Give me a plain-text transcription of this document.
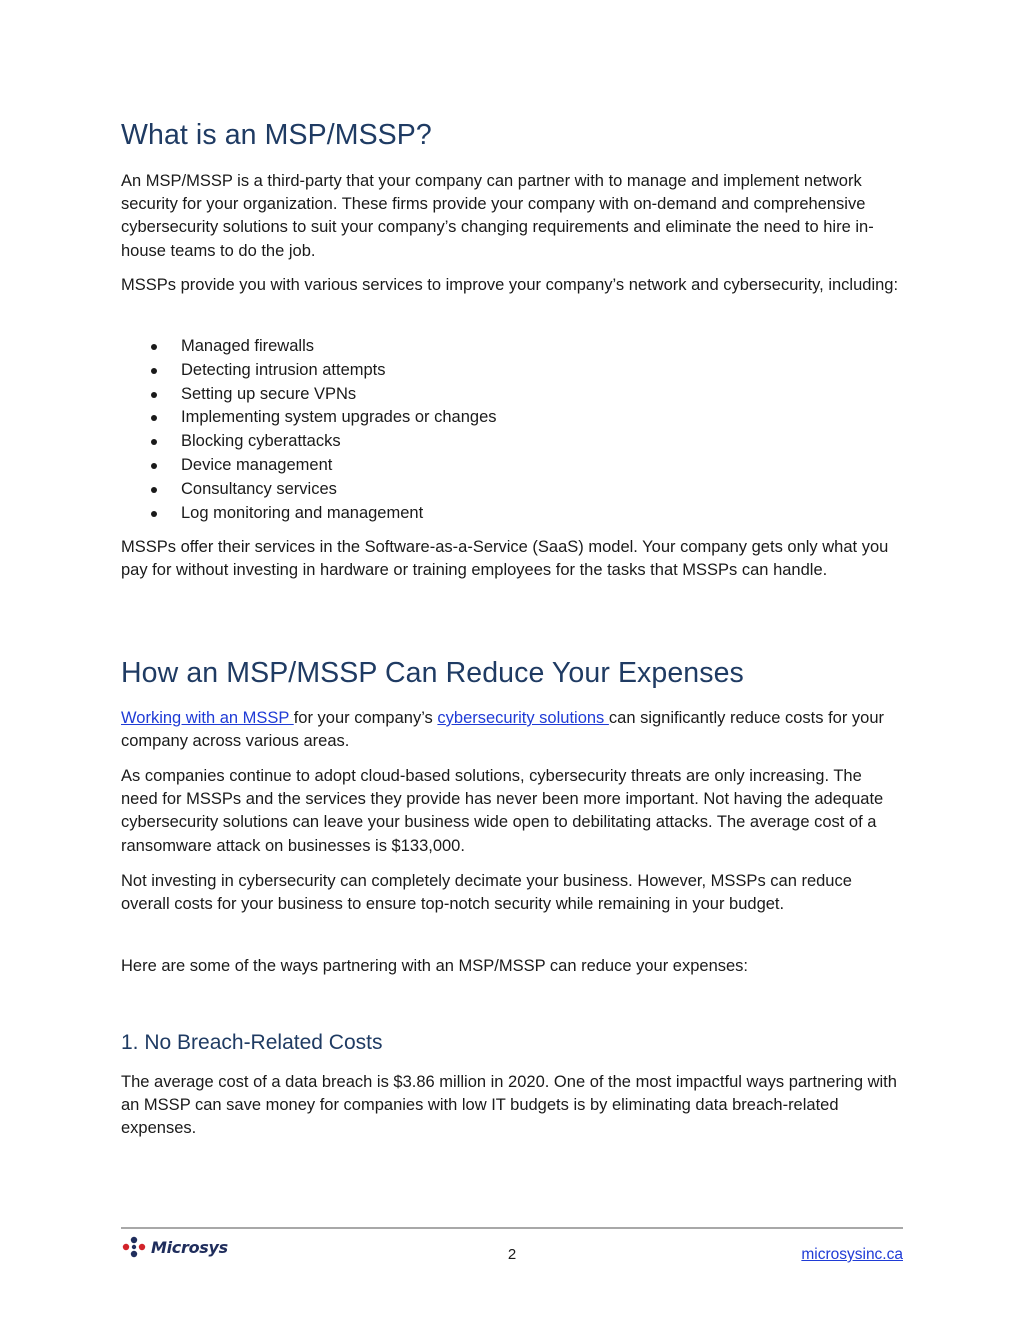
What is an MSP/MSSP?

An MSP/MSSP is a third-party that your company can partner with to manage and implement network security for your organization. These firms provide your company with on-demand and comprehensive cybersecurity solutions to suit your company’s changing requirements and eliminate the need to hire in-house teams to do the job.

MSSPs provide you with various services to improve your company’s network and cybersecurity, including:

Managed firewalls
Detecting intrusion attempts
Setting up secure VPNs
Implementing system upgrades or changes
Blocking cyberattacks
Device management
Consultancy services
Log monitoring and management

MSSPs offer their services in the Software-as-a-Service (SaaS) model. Your company gets only what you pay for without investing in hardware or training employees for the tasks that MSSPs can handle.

How an MSP/MSSP Can Reduce Your Expenses

Working with an MSSP for your company’s cybersecurity solutions can significantly reduce costs for your company across various areas.

As companies continue to adopt cloud-based solutions, cybersecurity threats are only increasing. The need for MSSPs and the services they provide has never been more important. Not having the adequate cybersecurity solutions can leave your business wide open to debilitating attacks. The average cost of a ransomware attack on businesses is $133,000.

Not investing in cybersecurity can completely decimate your business. However, MSSPs can reduce overall costs for your business to ensure top-notch security while remaining in your budget.

Here are some of the ways partnering with an MSP/MSSP can reduce your expenses:

1. No Breach-Related Costs

The average cost of a data breach is $3.86 million in 2020. One of the most impactful ways partnering with an MSSP can save money for companies with low IT budgets is by eliminating data breach-related expenses.

Microsys	2	microsysinc.ca
